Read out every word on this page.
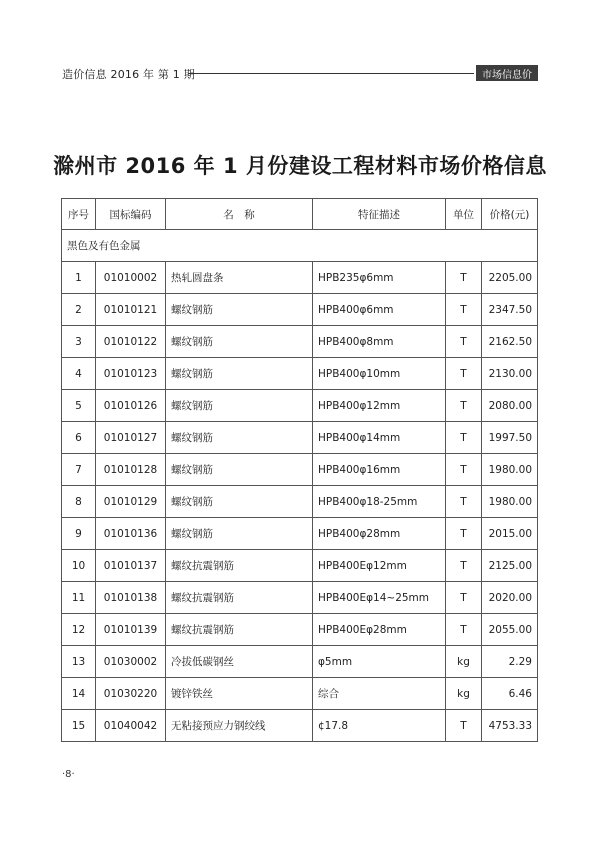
造价信息 2016 年 第 1 期	市场信息价
滁州市 2016 年 1 月份建设工程材料市场价格信息
序号	国标编码	名　称	特征描述	单位	价格(元)
黑色及有色金属					
1	01010002	热轧圆盘条	HPB235φ6mm	T	2205.00
2	01010121	螺纹钢筋	HPB400φ6mm	T	2347.50
3	01010122	螺纹钢筋	HPB400φ8mm	T	2162.50
4	01010123	螺纹钢筋	HPB400φ10mm	T	2130.00
5	01010126	螺纹钢筋	HPB400φ12mm	T	2080.00
6	01010127	螺纹钢筋	HPB400φ14mm	T	1997.50
7	01010128	螺纹钢筋	HPB400φ16mm	T	1980.00
8	01010129	螺纹钢筋	HPB400φ18-25mm	T	1980.00
9	01010136	螺纹钢筋	HPB400φ28mm	T	2015.00
10	01010137	螺纹抗震钢筋	HPB400Eφ12mm	T	2125.00
11	01010138	螺纹抗震钢筋	HPB400Eφ14~25mm	T	2020.00
12	01010139	螺纹抗震钢筋	HPB400Eφ28mm	T	2055.00
13	01030002	冷拔低碳钢丝	φ5mm	kg	2.29
14	01030220	镀锌铁丝	综合	kg	6.46
15	01040042	无粘接预应力钢绞线	¢17.8	T	4753.33
·8·
